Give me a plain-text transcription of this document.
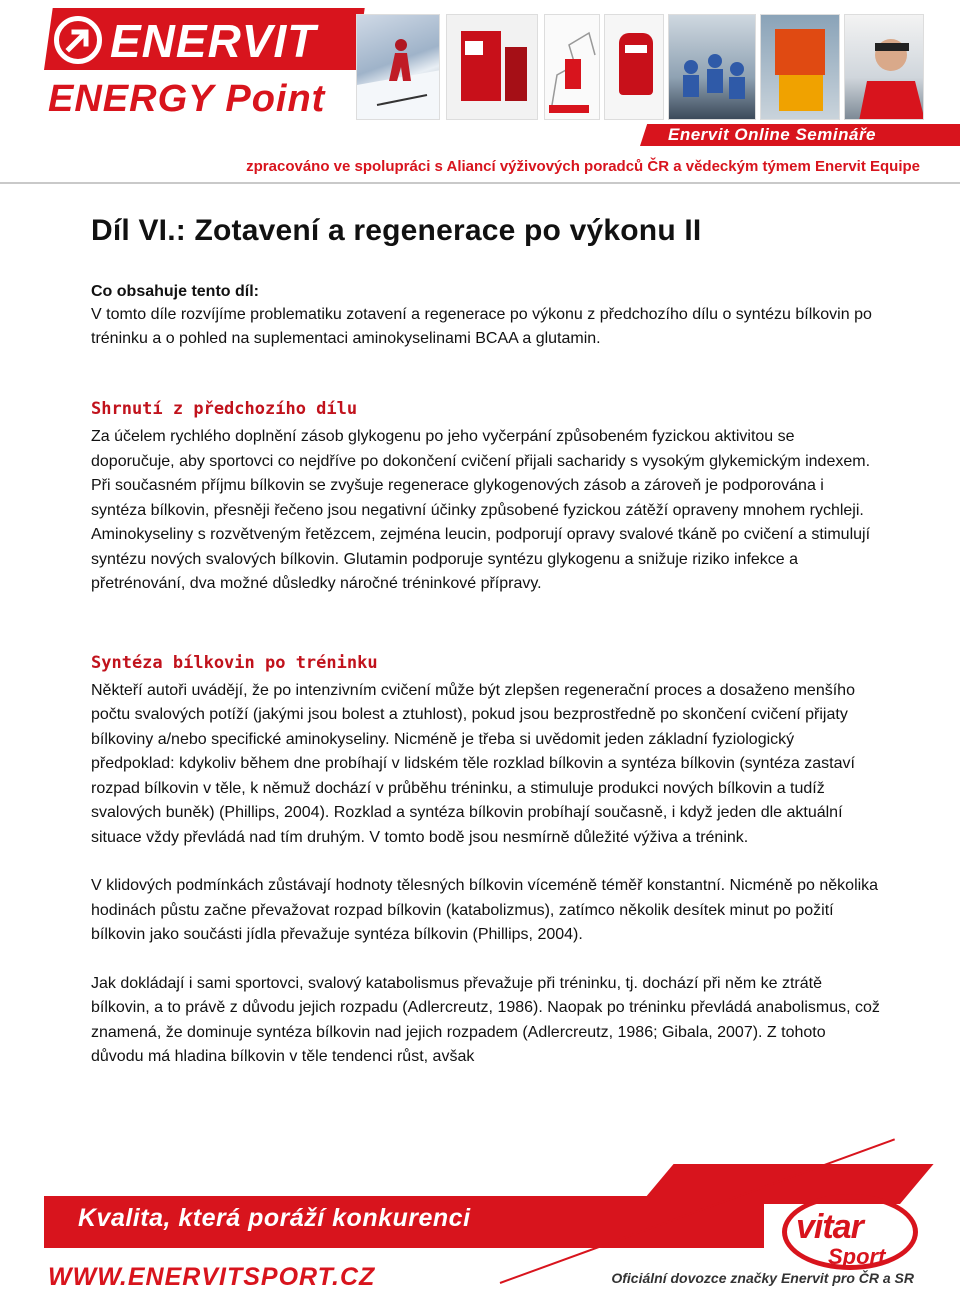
ENERVIT
ENERGY Point
Enervit Online Semináře
zpracováno ve spolupráci s Aliancí výživových poradců ČR a vědeckým týmem Enervit Equipe
Díl VI.: Zotavení a regenerace po výkonu II
Co obsahuje tento díl:

V tomto díle rozvíjíme problematiku zotavení a regenerace po výkonu z předchozího dílu o syntézu bílkovin po tréninku a o pohled na suplementaci aminokyselinami BCAA a glutamin.

Shrnutí z předchozího dílu

Za účelem rychlého doplnění zásob glykogenu po jeho vyčerpání způsobeném fyzickou aktivitou se doporučuje, aby sportovci co nejdříve po dokončení cvičení přijali sacharidy s vysokým glykemickým indexem. Při současném příjmu bílkovin se zvyšuje regenerace glykogenových zásob a zároveň je podporována i syntéza bílkovin, přesněji řečeno jsou negativní účinky způsobené fyzickou zátěží opraveny mnohem rychleji. Aminokyseliny s rozvětveným řetězcem, zejména leucin, podporují opravy svalové tkáně po cvičení a stimulují syntézu nových svalových bílkovin. Glutamin podporuje syntézu glykogenu a snižuje riziko infekce a přetrénování, dva možné důsledky náročné tréninkové přípravy.

Syntéza bílkovin po tréninku

Někteří autoři uvádějí, že po intenzivním cvičení může být zlepšen regenerační proces a dosaženo menšího počtu svalových potíží (jakými jsou bolest a ztuhlost), pokud jsou bezprostředně po skončení cvičení přijaty bílkoviny a/nebo specifické aminokyseliny. Nicméně je třeba si uvědomit jeden základní fyziologický předpoklad: kdykoliv během dne probíhají v lidském těle rozklad bílkovin a syntéza bílkovin (syntéza zastaví rozpad bílkovin v těle, k němuž dochází v průběhu tréninku, a stimuluje produkci nových bílkovin a tudíž svalových buněk) (Phillips, 2004). Rozklad a syntéza bílkovin probíhají současně, i když jeden dle aktuální situace vždy převládá nad tím druhým. V tomto bodě jsou nesmírně důležité výživa a trénink.

V klidových podmínkách zůstávají hodnoty tělesných bílkovin víceméně téměř konstantní. Nicméně po několika hodinách půstu začne převažovat rozpad bílkovin (katabolizmus), zatímco několik desítek minut po požití bílkovin jako součásti jídla převažuje syntéza bílkovin (Phillips, 2004).

Jak dokládají i sami sportovci, svalový katabolismus převažuje při tréninku, tj. dochází při něm ke ztrátě bílkovin, a to právě z důvodu jejich rozpadu (Adlercreutz, 1986). Naopak po tréninku převládá anabolismus, což znamená, že dominuje syntéza bílkovin nad jejich rozpadem (Adlercreutz, 1986; Gibala, 2007). Z tohoto důvodu má hladina bílkovin v těle tendenci růst, avšak

Kvalita, která poráží konkurenci
WWW.ENERVITSPORT.CZ
vitar
Sport
Oficiální dovozce značky Enervit pro ČR a SR
